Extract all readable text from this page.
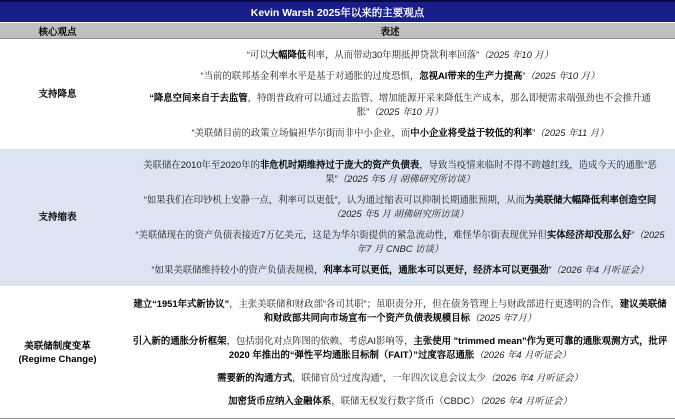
Kevin Warsh 2025年以来的主要观点
核心观点	表述
支持降息

“可以大幅降低利率，从而带动30年期抵押贷款利率回落”（2025 年10 月）

“当前的联邦基金利率水平是基于对通胀的过度恐惧，忽视AI带来的生产力提高”（2025 年10 月）

“降息空间来自于去监管，特朗普政府可以通过去监管、增加能源开采来降低生产成本，那么即便需求端强劲也不会推升通胀”（2025 年10 月）

“美联储目前的政策立场偏袒华尔街而非中小企业，而中小企业将受益于较低的利率”（2025 年11 月）

支持缩表

美联储在2010年至2020年的非危机时期维持过于庞大的资产负债表，导致当疫情来临时不得不跨越红线，造成今天的通胀“恶果”（2025 年5 月 胡佛研究所访谈）

“如果我们在印钞机上安静一点，利率可以更低”，认为通过缩表可以抑制长期通胀预期，从而为美联储大幅降低利率创造空间（2025 年5 月 胡佛研究所访谈）

“美联储现在的资产负债表接近7万亿美元，这是为华尔街提供的紧急流动性，难怪华尔街表现优异但实体经济却没那么好”（2025 年7 月 CNBC 访谈）

“如果美联储维持较小的资产负债表规模，利率本可以更低，通胀本可以更好，经济本可以更强劲”（2026 年4 月听证会）

美联储制度变革
(Regime Change)

建立“1951年式新协议”，主张美联储和财政部“各司其职”；虽职责分开，但在债务管理上与财政部进行更透明的合作，建议美联储和财政部共同向市场宣布一个资产负债表规模目标（2025 年7月）

引入新的通胀分析框架，包括弱化对点阵图的依赖、考虑AI影响等，主张使用 "trimmed mean"作为更可靠的通胀观测方式，批评 2020 年推出的“弹性平均通胀目标制（FAIT）”过度容忍通胀（2026 年4 月听证会）

需要新的沟通方式，联储官员“过度沟通”，一年四次议息会议太少（2026 年4 月听证会）

加密货币应纳入金融体系，联储无权发行数字货币（CBDC）（2026 年4 月听证会）
